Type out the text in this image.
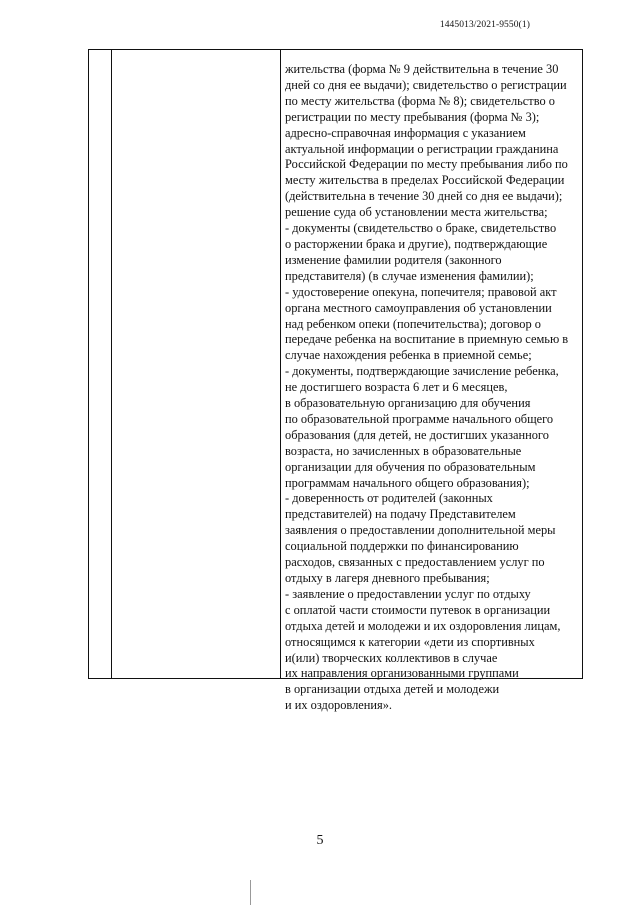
1445013/2021-9550(1)
жительства (форма № 9 действительна в течение 30
дней со дня ее выдачи); свидетельство о регистрации
по месту жительства (форма № 8); свидетельство о
регистрации по месту пребывания (форма № 3);
адресно-справочная информация с указанием
актуальной информации о регистрации гражданина
Российской Федерации по месту пребывания либо по
месту жительства в пределах Российской Федерации
(действительна в течение 30 дней со дня ее выдачи);
решение суда об установлении места жительства;
- документы (свидетельство о браке, свидетельство
о расторжении брака и другие), подтверждающие
изменение фамилии родителя (законного
представителя) (в случае изменения фамилии);
- удостоверение опекуна, попечителя; правовой акт
органа местного самоуправления об установлении
над ребенком опеки (попечительства); договор о
передаче ребенка на воспитание в приемную семью в
случае нахождения ребенка в приемной семье;
- документы, подтверждающие зачисление ребенка,
не достигшего возраста 6 лет и 6 месяцев,
в образовательную организацию для обучения
по образовательной программе начального общего
образования (для детей, не достигших указанного
возраста, но зачисленных в образовательные
организации для обучения по образовательным
программам начального общего образования);
- доверенность от родителей (законных
представителей) на подачу Представителем
заявления о предоставлении дополнительной меры
социальной поддержки по финансированию
расходов, связанных с предоставлением услуг по
отдыху в лагеря дневного пребывания;
- заявление о предоставлении услуг по отдыху
с оплатой части стоимости путевок в организации
отдыха детей и молодежи и их оздоровления лицам,
относящимся к категории «дети из спортивных
и(или) творческих коллективов в случае
их направления организованными группами
в организации отдыха детей и молодежи
и их оздоровления».
5
